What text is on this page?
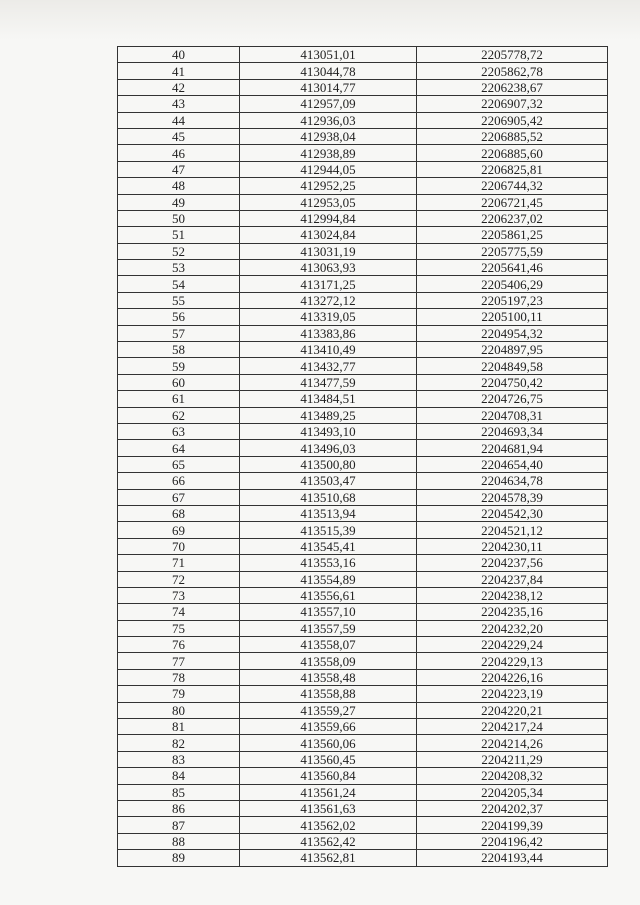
40	413051,01	2205778,72
41	413044,78	2205862,78
42	413014,77	2206238,67
43	412957,09	2206907,32
44	412936,03	2206905,42
45	412938,04	2206885,52
46	412938,89	2206885,60
47	412944,05	2206825,81
48	412952,25	2206744,32
49	412953,05	2206721,45
50	412994,84	2206237,02
51	413024,84	2205861,25
52	413031,19	2205775,59
53	413063,93	2205641,46
54	413171,25	2205406,29
55	413272,12	2205197,23
56	413319,05	2205100,11
57	413383,86	2204954,32
58	413410,49	2204897,95
59	413432,77	2204849,58
60	413477,59	2204750,42
61	413484,51	2204726,75
62	413489,25	2204708,31
63	413493,10	2204693,34
64	413496,03	2204681,94
65	413500,80	2204654,40
66	413503,47	2204634,78
67	413510,68	2204578,39
68	413513,94	2204542,30
69	413515,39	2204521,12
70	413545,41	2204230,11
71	413553,16	2204237,56
72	413554,89	2204237,84
73	413556,61	2204238,12
74	413557,10	2204235,16
75	413557,59	2204232,20
76	413558,07	2204229,24
77	413558,09	2204229,13
78	413558,48	2204226,16
79	413558,88	2204223,19
80	413559,27	2204220,21
81	413559,66	2204217,24
82	413560,06	2204214,26
83	413560,45	2204211,29
84	413560,84	2204208,32
85	413561,24	2204205,34
86	413561,63	2204202,37
87	413562,02	2204199,39
88	413562,42	2204196,42
89	413562,81	2204193,44
